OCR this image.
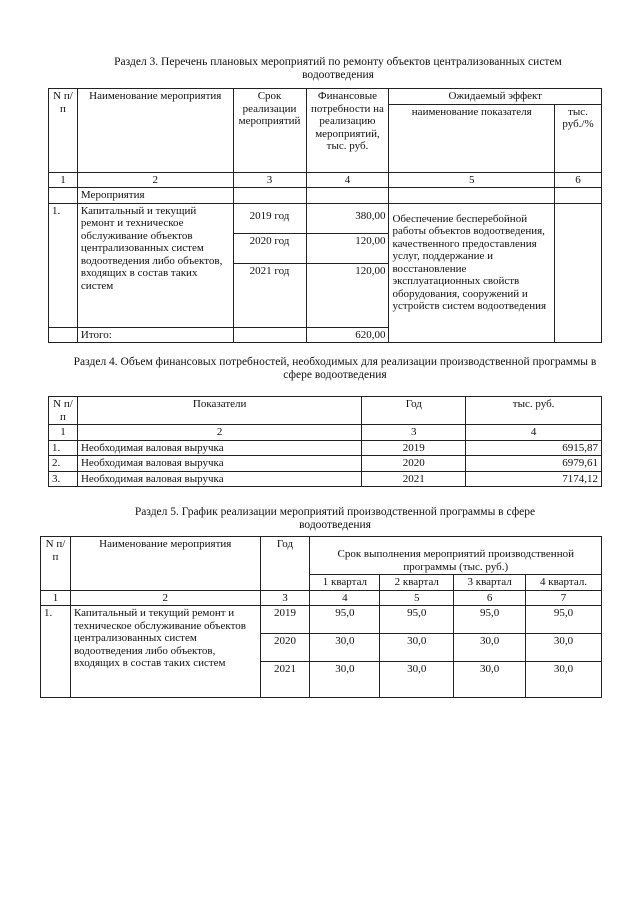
Раздел 3. Перечень плановых мероприятий по ремонту объектов централизованных систем водоотведения
N п/п	Наименование мероприятия	Срок реализации мероприятий	Финансовые потребности на реализацию мероприятий, тыс. руб.	Ожидаемый эффект	
				наименование показателя	тыс. руб./%
1	2	3	4	5	6
	Мероприятия				
1.	Капитальный и текущий ремонт и техническое обслуживание объектов централизованных систем водоотведения либо объектов, входящих в состав таких систем	2019 год	380,00	Обеспечение бесперебойной работы объектов водоотведения, качественного предоставления услуг, поддержание и восстановление эксплуатационных свойств оборудования, сооружений и устройств систем водоотведения	
		2020 год	120,00		
		2021 год	120,00		
	Итого:		620,00		
Раздел 4. Объем финансовых потребностей, необходимых для реализации производственной программы в сфере водоотведения
N п/п	Показатели	Год	тыс. руб.
1	2	3	4
1.	Необходимая валовая выручка	2019	6915,87
2.	Необходимая валовая выручка	2020	6979,61
3.	Необходимая валовая выручка	2021	7174,12
Раздел 5. График реализации мероприятий производственной программы в сфере водоотведения
N п/ п	Наименование мероприятия	Год	Срок выполнения мероприятий производственной программы (тыс. руб.)			
			1 квартал	2 квартал	3 квартал	4 квартал.
1	2	3	4	5	6	7
1.	Капитальный и текущий ремонт и техническое обслуживание объектов централизованных систем водоотведения либо объектов, входящих в состав таких систем	2019	95,0	95,0	95,0	95,0
		2020	30,0	30,0	30,0	30,0
		2021	30,0	30,0	30,0	30,0
